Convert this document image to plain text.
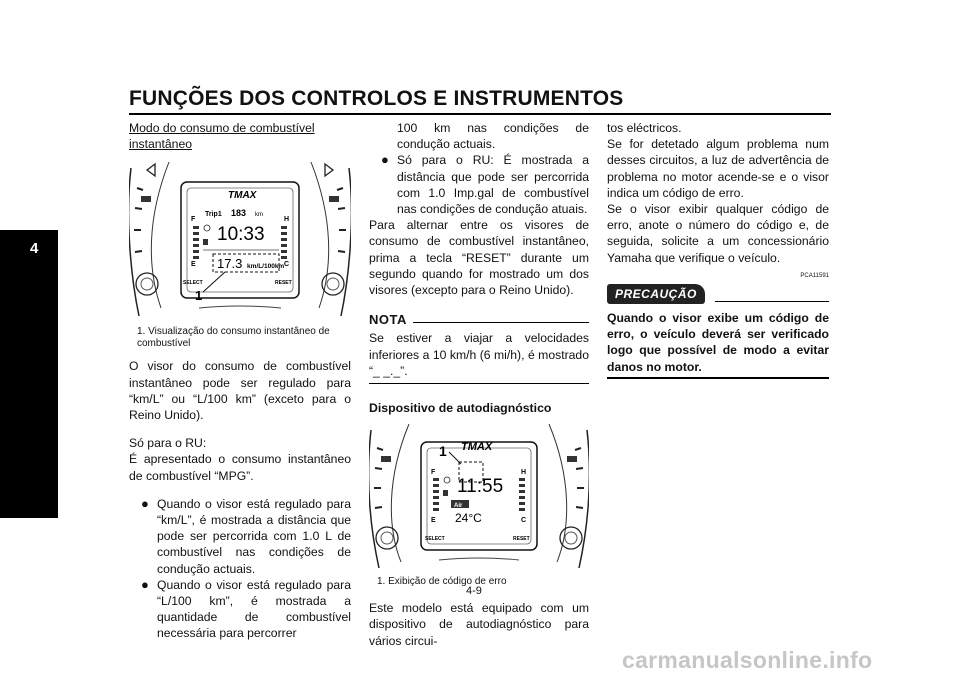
FUNÇÕES DOS CONTROLOS E INSTRUMENTOS
4

Modo do consumo de combustível instantâneo

TMAX
F
E
H
C
Trip1 183 km
10:33
17.3 km/L/100km
SELECT	RESET
1
1. Visualização do consumo instantâneo de combustível

O visor do consumo de combustível instantâneo pode ser regulado para “km/L” ou “L/100 km” (exceto para o Reino Unido).

Só para o RU:

É apresentado o consumo instantâneo de combustível “MPG”.

● Quando o visor está regulado para “km/L”, é mostrada a distância que pode ser percorrida com 1.0 L de combustível nas condições de condução actuais.
● Quando o visor está regulado para “L/100 km”, é mostrada a quantidade de combustível necessária para percorrer

100 km nas condições de condução actuais.

● Só para o RU: É mostrada a distância que pode ser percorrida com 1.0 Imp.gal de combustível nas condições de condução atuais.

Para alternar entre os visores de consumo de combustível instantâneo, prima a tecla “RESET” durante um segundo quando for mostrado um dos visores (excepto para o Reino Unido).

NOTA

Se estiver a viajar a velocidades inferiores a 10 km/h (6 mi/h), é mostrado “_ _._”.

Dispositivo de autodiagnóstico

TMAX
F
E
H
C
11:55
Air
24°C
SELECT	RESET
1
1. Exibição de código de erro

Este modelo está equipado com um dispositivo de autodiagnóstico para vários circui-

tos eléctricos.

Se for detetado algum problema num desses circuitos, a luz de advertência de problema no motor acende-se e o visor indica um código de erro.

Se o visor exibir qualquer código de erro, anote o número do código e, de seguida, solicite a um concessionário Yamaha que verifique o veículo.

PCA11591
PRECAUÇÃO

Quando o visor exibe um código de erro, o veículo deverá ser verificado logo que possível de modo a evitar danos no motor.

4-9
carmanualsonline.info
